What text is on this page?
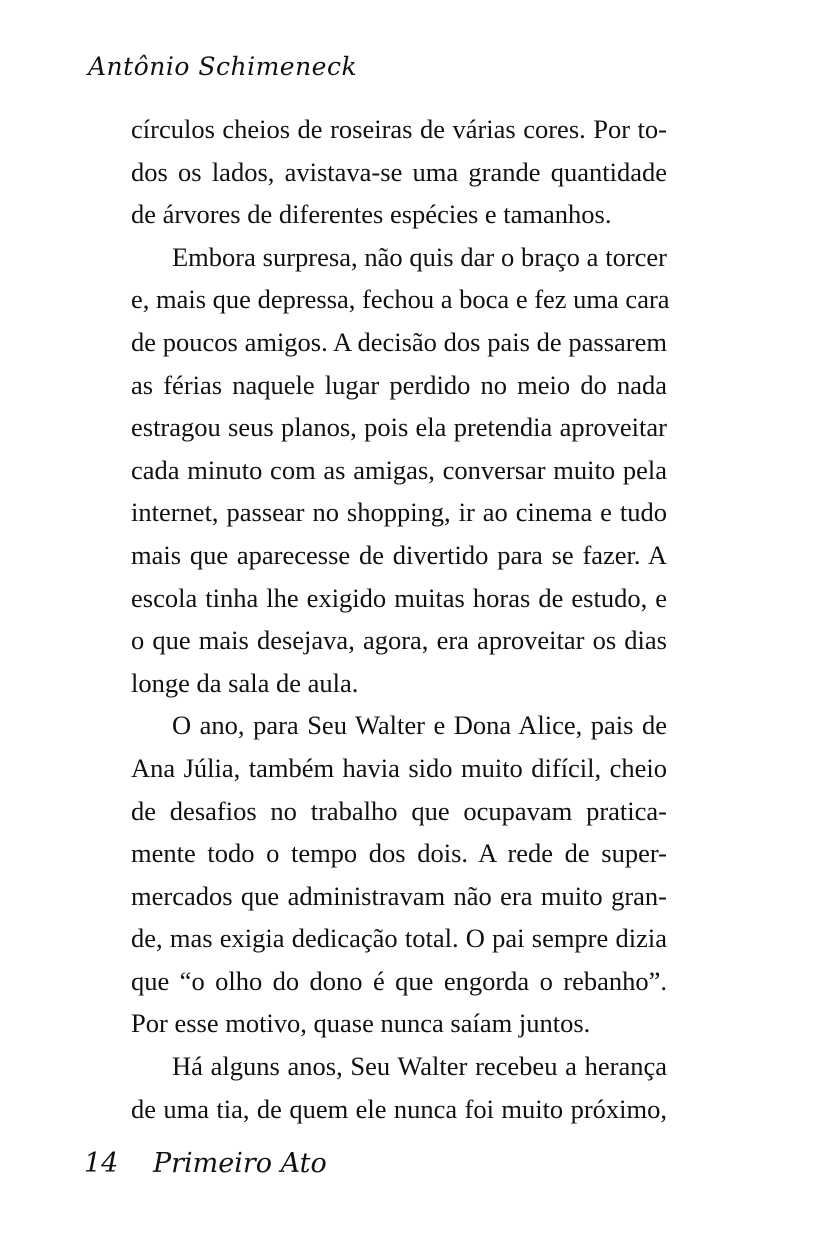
Antônio Schimeneck
círculos cheios de roseiras de várias cores. Por to-
dos os lados, avistava-se uma grande quantidade
de árvores de diferentes espécies e tamanhos.
Embora surpresa, não quis dar o braço a torcer
e, mais que depressa, fechou a boca e fez uma cara
de poucos amigos. A decisão dos pais de passarem
as férias naquele lugar perdido no meio do nada
estragou seus planos, pois ela pretendia aproveitar
cada minuto com as amigas, conversar muito pela
internet, passear no shopping, ir ao cinema e tudo
mais que aparecesse de divertido para se fazer. A
escola tinha lhe exigido muitas horas de estudo, e
o que mais desejava, agora, era aproveitar os dias
longe da sala de aula.
O ano, para Seu Walter e Dona Alice, pais de
Ana Júlia, também havia sido muito difícil, cheio
de desafios no trabalho que ocupavam pratica-
mente todo o tempo dos dois. A rede de super-
mercados que administravam não era muito gran-
de, mas exigia dedicação total. O pai sempre dizia
que “o olho do dono é que engorda o rebanho”.
Por esse motivo, quase nunca saíam juntos.
Há alguns anos, Seu Walter recebeu a herança
de uma tia, de quem ele nunca foi muito próximo,
14 Primeiro Ato
